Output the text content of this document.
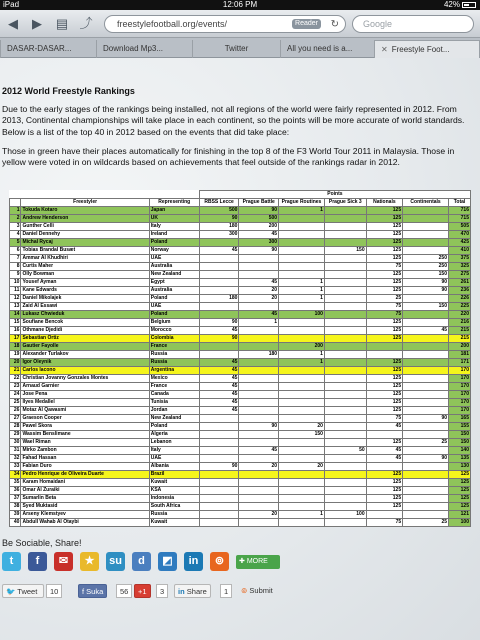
iPad	12:06 PM	42%
◀ ▶ ▤ ⤴	freestylefootball.org/events/	Reader	↻	Google
DASAR-DASAR...	Download Mp3...	Twitter	All you need is a...	✕ Freestyle Foot...
2012 World Freestyle Rankings
Due to the early stages of the rankings being installed, not all regions of the world were fairly represented in 2012. From 2013, Continental championships will take place in each continent, so the points will be more accurate of world standards. Below is a list of the top 40 in 2012 based on the events that did take place:
Those in green have their places automatically for finishing in the top 8 of the F3 World Tour 2011 in Malaysia. Those in yellow were voted in on wildcards based on achievements that feel outside of the rankings radar in 2012.
			Points						
	Freestyler	Representing	RBSS Lecce	Prague Battle	Prague Routines	Prague Sick 3	Nationals	Continentals	Total
1	Tokuda Kotaro	Japan	500	90	1		125		716
2	Andrew Henderson	UK	90	500			125		715
3	Gunther Celli	Italy	180	200			125		505
4	Daniel Dennehy	Ireland	300	45			125		470
5	Michal Rycaj	Poland		300			125		425
6	Tobias Brandal Busæt	Norway	45	90		150	125		410
7	Ammar Al Khudhiri	UAE					125	250	375
8	Curtis Maher	Australia					75	250	325
9	Olly Bowman	New Zealand					125	150	275
10	Yousef Ayman	Egypt		45	1		125	90	261
11	Kane Edwards	Australia		20	1		125	90	236
12	Daniel Mikolajek	Poland	180	20	1		25		226
13	Zaid Al Essawi	UAE					75	150	225
14	Lukasz Chwieduk	Poland		45	100		75		220
15	Soufiane Bencok	Belgium	90	1			125		216
16	Othmane Djedidi	Morocco	45				125	45	215
17	Sebastian Ortiz	Colombia	90				125		215
18	Gautier Fayolle	France			200				200
19	Alexander Turlakov	Russia		180	1				181
20	Igor Oleynik	Russia	45		1		125		171
21	Carlos Iacono	Argentina	45				125		170
22	Christian Jovanny Gonzales Montes	Mexico	45				125		170
23	Arnaud Garnier	France	45				125		170
24	Jose Pena	Canada	45				125		170
25	Ilyes Medallel	Tunisia	45				125		170
26	Motaz Al Qawasmi	Jordan	45				125		170
27	Graeson Cooper	New Zealand					75	90	165
28	Pawel Skora	Poland		90	20		45		155
29	Wassim Benslimane	Algeria			150				150
30	Wael Riman	Lebanon					125	25	150
31	Mirko Zambon	Italy		45		50	45		140
32	Fahad Hassan	UAE					45	90	135
33	Fabian Duro	Albania	90	20	20				130
34	Pedro Henrique de Oliveira Duarte	Brazil					125		125
35	Karam Homaidani	Kuwait					125		125
36	Omar Al Zuraiki	KSA					125		125
37	Sumarlin Beta	Indonesia					125		125
38	Syed Muktasid	South Africa					125		125
39	Arseny Klemstyev	Russia		20	1	100			121
40	Abdull Wahab Al Otaybi	Kuwait					75	25	100
Be Sociable, Share!
t	f	✉	★	su	d	◩	in	⊚	✚ MORE
🐦 Tweet	10	f Suka	56	+1	3	in Share	1	⊚ Submit
